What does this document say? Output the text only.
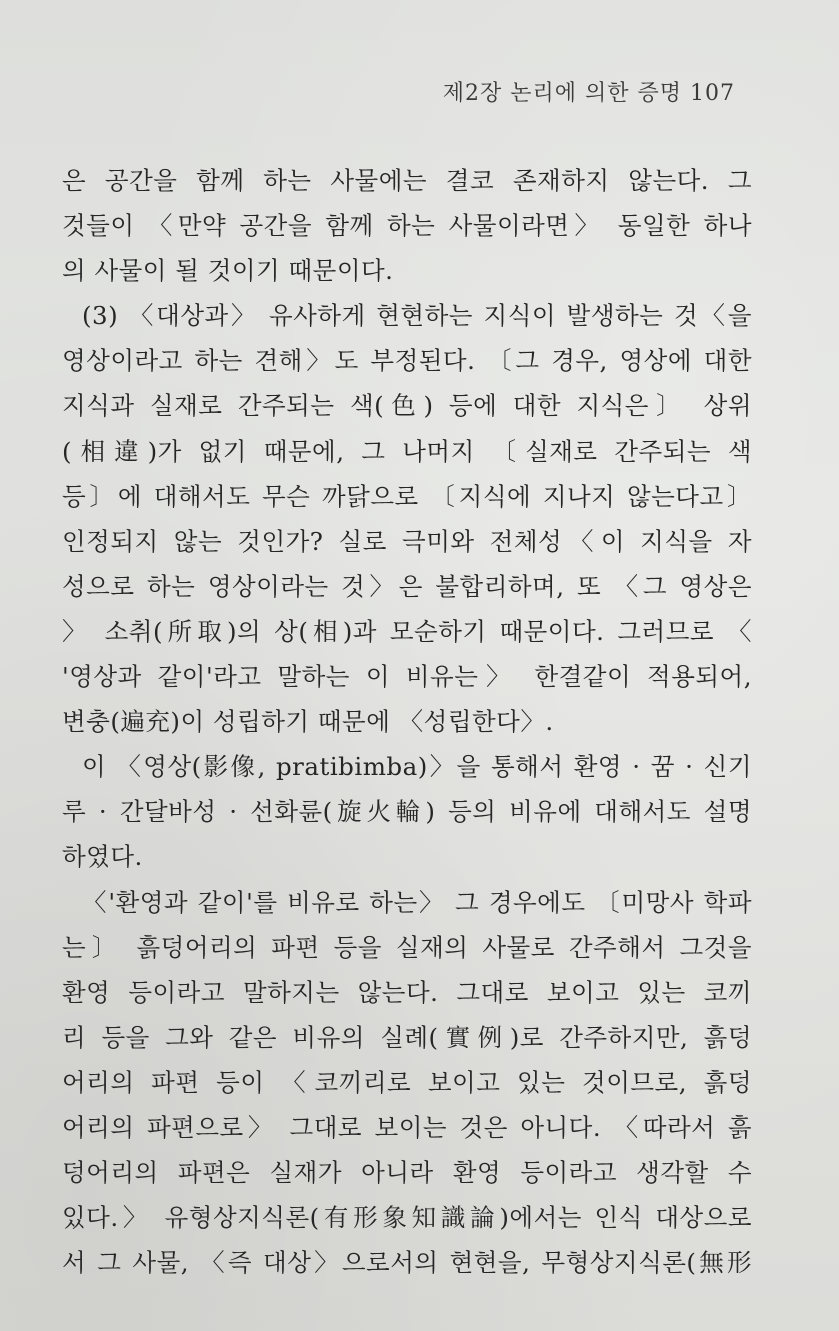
제2장 논리에 의한 증명 107
은 공간을 함께 하는 사물에는 결코 존재하지 않는다. 그
것들이 〈만약 공간을 함께 하는 사물이라면〉 동일한 하나
의 사물이 될 것이기 때문이다.
(3) 〈대상과〉 유사하게 현현하는 지식이 발생하는 것〈을
영상이라고 하는 견해〉도 부정된다. 〔그 경우, 영상에 대한
지식과 실재로 간주되는 색(色) 등에 대한 지식은〕 상위
(相違)가 없기 때문에, 그 나머지 〔실재로 간주되는 색
등〕에 대해서도 무슨 까닭으로 〔지식에 지나지 않는다고〕
인정되지 않는 것인가? 실로 극미와 전체성〈이 지식을 자
성으로 하는 영상이라는 것〉은 불합리하며, 또 〈그 영상은
〉 소취(所取)의 상(相)과 모순하기 때문이다. 그러므로 〈
'영상과 같이'라고 말하는 이 비유는〉 한결같이 적용되어,
변충(遍充)이 성립하기 때문에 〈성립한다〉.
이 〈영상(影像, pratibimba)〉을 통해서 환영 · 꿈 · 신기
루 · 간달바성 · 선화륜(旋火輪) 등의 비유에 대해서도 설명
하였다.
〈'환영과 같이'를 비유로 하는〉 그 경우에도 〔미망사 학파
는〕 흙덩어리의 파편 등을 실재의 사물로 간주해서 그것을
환영 등이라고 말하지는 않는다. 그대로 보이고 있는 코끼
리 등을 그와 같은 비유의 실례(實例)로 간주하지만, 흙덩
어리의 파편 등이 〈코끼리로 보이고 있는 것이므로, 흙덩
어리의 파편으로〉 그대로 보이는 것은 아니다. 〈따라서 흙
덩어리의 파편은 실재가 아니라 환영 등이라고 생각할 수
있다.〉 유형상지식론(有形象知識論)에서는 인식 대상으로
서 그 사물, 〈즉 대상〉으로서의 현현을, 무형상지식론(無形
